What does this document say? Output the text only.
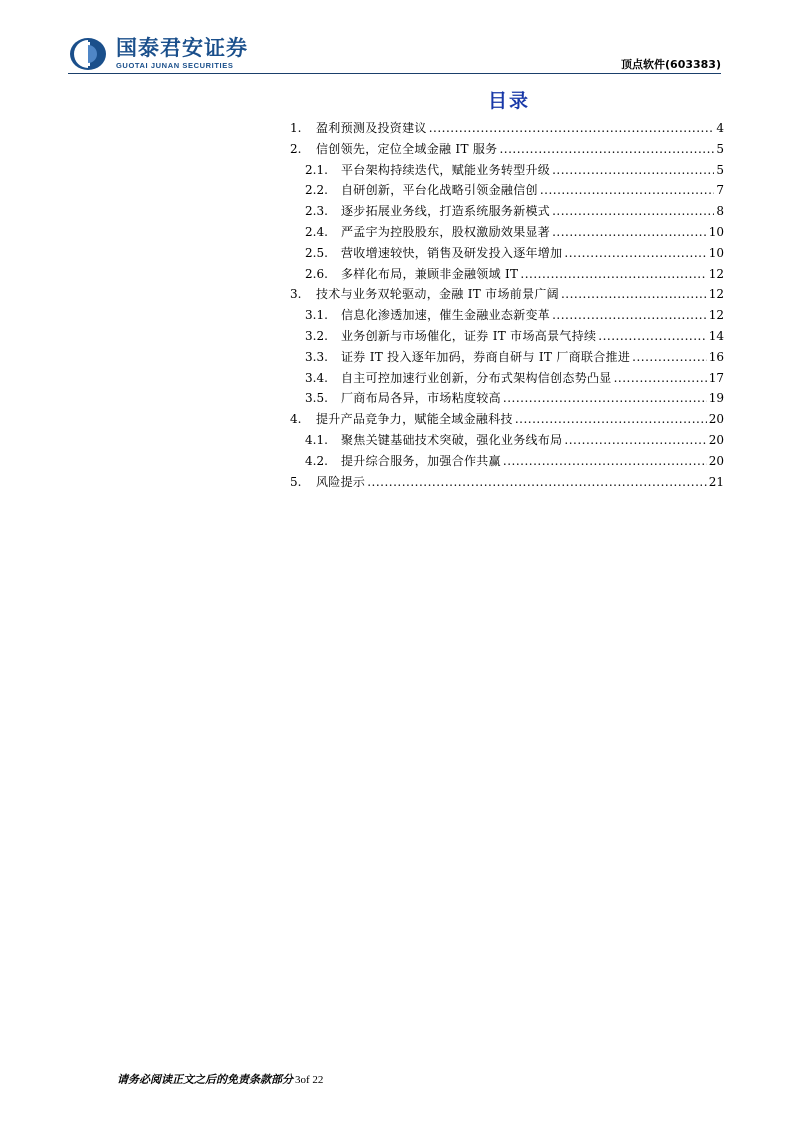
国泰君安证券
GUOTAI JUNAN SECURITIES	顶点软件(603383)
目录
1.	盈利预测及投资建议 .....	4
2.	信创领先，定位全域金融 IT 服务 .....	5
2.1.	平台架构持续迭代，赋能业务转型升级 .....	5
2.2.	自研创新，平台化战略引领金融信创 .....	7
2.3.	逐步拓展业务线，打造系统服务新模式 .....	8
2.4.	严孟宇为控股股东，股权激励效果显著 .....	10
2.5.	营收增速较快，销售及研发投入逐年增加 .....	10
2.6.	多样化布局，兼顾非金融领域 IT .....	12
3.	技术与业务双轮驱动，金融 IT 市场前景广阔 .....	12
3.1.	信息化渗透加速，催生金融业态新变革 .....	12
3.2.	业务创新与市场催化，证券 IT 市场高景气持续 .....	14
3.3.	证券 IT 投入逐年加码，券商自研与 IT 厂商联合推进 .....	16
3.4.	自主可控加速行业创新，分布式架构信创态势凸显 .....	17
3.5.	厂商布局各异，市场粘度较高 .....	19
4.	提升产品竞争力，赋能全域金融科技 .....	20
4.1.	聚焦关键基础技术突破，强化业务线布局 .....	20
4.2.	提升综合服务，加强合作共赢 .....	20
5.	风险提示 .....	21
请务必阅读正文之后的免责条款部分 3of 22
